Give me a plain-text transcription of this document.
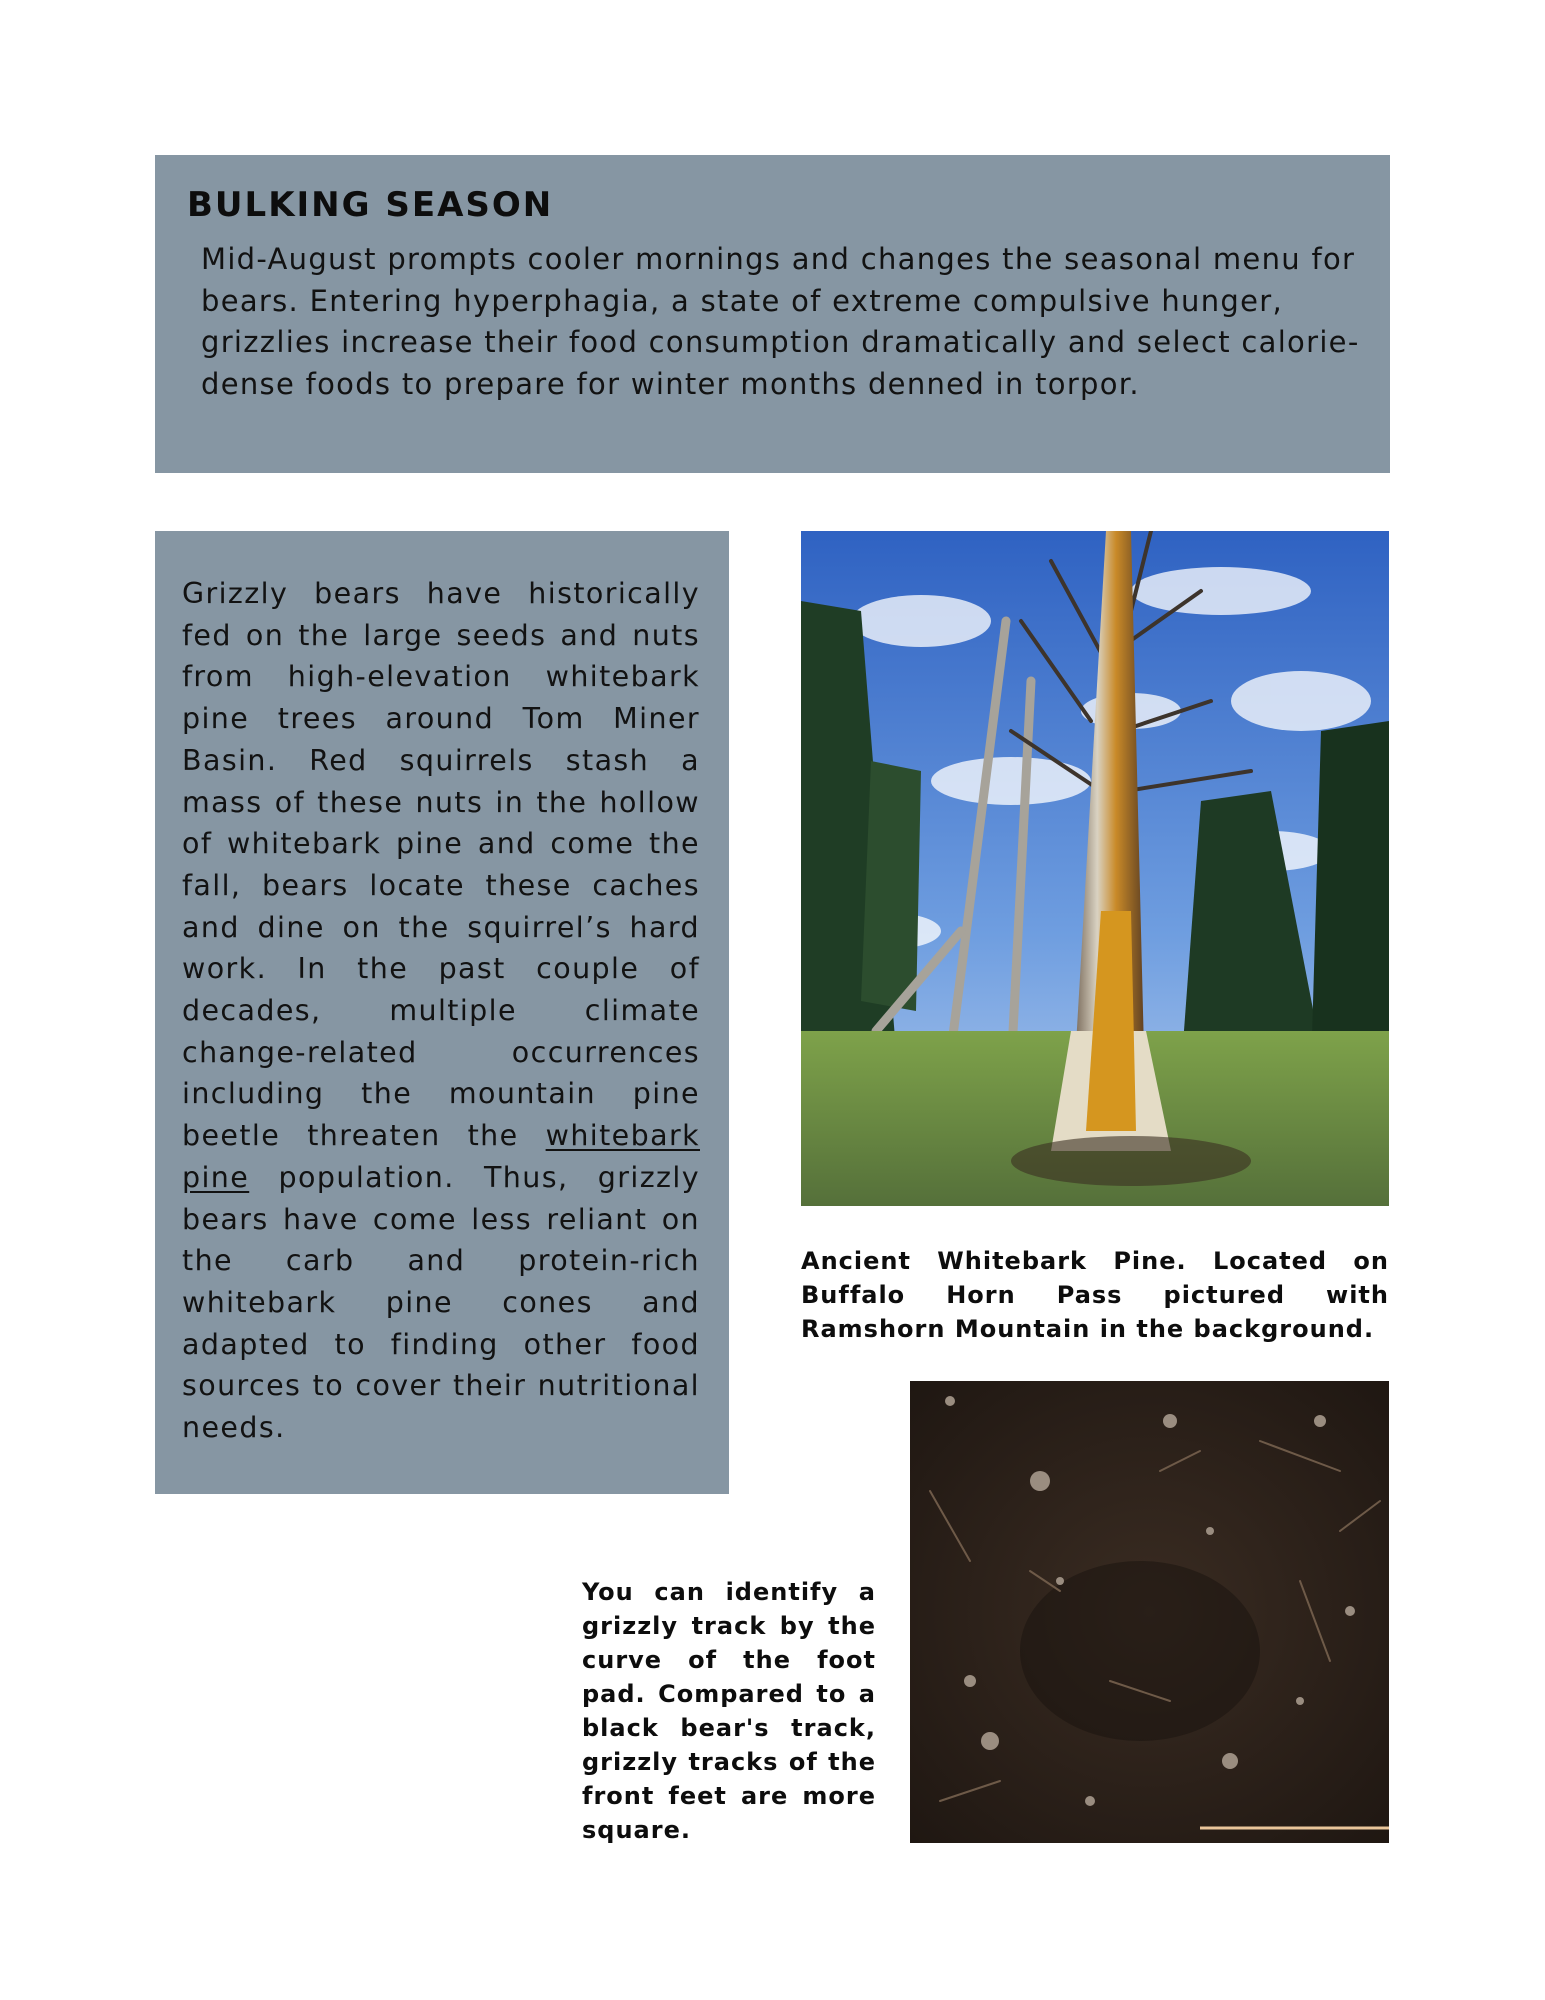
BULKING SEASON

Mid-August prompts cooler mornings and changes the seasonal menu for bears. Entering hyperphagia, a state of extreme compulsive hunger, grizzlies increase their food consumption dramatically and select calorie-dense foods to prepare for winter months denned in torpor.

Grizzly bears have historically fed on the large seeds and nuts from high-elevation whitebark pine trees around Tom Miner Basin. Red squirrels stash a mass of these nuts in the hollow of whitebark pine and come the fall, bears locate these caches and dine on the squirrel’s hard work. In the past couple of decades, multiple climate change-related occurrences including the mountain pine beetle threaten the whitebark pine population. Thus, grizzly bears have come less reliant on the carb and protein-rich whitebark pine cones and adapted to finding other food sources to cover their nutritional needs.

Ancient Whitebark Pine. Located on Buffalo Horn Pass pictured with Ramshorn Mountain in the background.

You can identify a grizzly track by the curve of the foot pad. Compared to a black bear's track, grizzly tracks of the front feet are more square.
